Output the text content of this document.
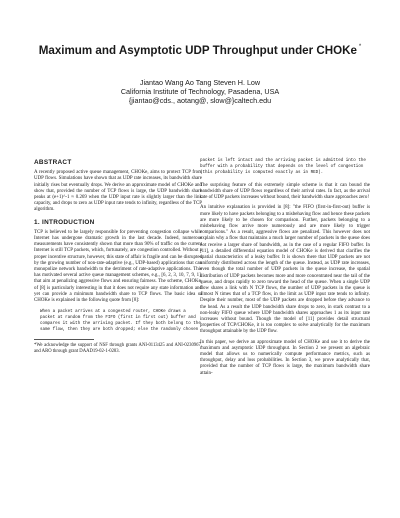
Maximum and Asymptotic UDP Throughput under CHOKe *
Jiantao Wang Ao Tang Steven H. Low
California Institute of Technology, Pasadena, USA
{jiantao@cds., aotang@, slow@}caltech.edu
ABSTRACT

A recently proposed active queue management, CHOKe, aims to protect TCP from UDP flows. Simulations have shown that as UDP rate increases, its bandwidth share initially rises but eventually drops. We derive an approximate model of CHOKe and show that, provided the number of TCP flows is large, the UDP bandwidth share peaks at (e+1)^-1 ≈ 0.269 when the UDP input rate is slightly larger than the link capacity, and drops to zero as UDP input rate tends to infinity, regardless of the TCP algorithm.

1. INTRODUCTION

TCP is believed to be largely responsible for preventing congestion collapse while Internet has undergone dramatic growth in the last decade. Indeed, numerous measurements have consistently shown that more than 90% of traffic on the current Internet is still TCP packets, which, fortunately, are congestion controlled. Without a proper incentive structure, however, this state of affair is fragile and can be disrupted by the growing number of non-rate-adaptive (e.g., UDP-based) applications that can monopolize network bandwidth to the detriment of rate-adaptive applications. This has motivated several active queue management schemes, e.g., [6, 2, 3, 10, 7, 9, 1], that aim at penalizing aggressive flows and ensuring fairness. The scheme, CHOKe, of [8] is particularly interesting in that it does not require any state information and yet can provide a minimum bandwidth share to TCP flows. The basic idea of CHOKe is explained in the following quote from [8]:

When a packet arrives at a congested router, CHOKe draws a packet at random from the FIFO (first in first out) buffer and compares it with the arriving packet. If they both belong to the same flow, then they are both dropped; else the randomly chosen
*We acknowledge the support of NSF through grants ANI-0113425 and ANI-0230967, and ARO through grant DAAD19-02-1-0283.
packet is left intact and the arriving packet is admitted into the buffer with a probability that depends on the level of congestion (this probability is computed exactly as in RED).

The surprising feature of this extremely simple scheme is that it can bound the bandwidth share of UDP flows regardless of their arrival rates. In fact, as the arrival rate of UDP packets increases without bound, their bandwidth share approaches zero!

An intuitive explanation is provided in [8]: "the FIFO (first-in-first-out) buffer is more likely to have packets belonging to a misbehaving flow and hence these packets are more likely to be chosen for comparison. Further, packets belonging to a misbehaving flow arrive more numerously and are more likely to trigger comparisons." As a result, aggressive flows are penalized. This however does not explain why a flow that maintains a much larger number of packets in the queue does not receive a larger share of bandwidth, as in the case of a regular FIFO buffer. In [11], a detailed differential equation model of CHOKe is derived that clarifies the spatial characteristics of a leaky buffer. It is shown there that UDP packets are not uniformly distributed across the length of the queue. Instead, as UDP rate increases, even though the total number of UDP packets in the queue increase, the spatial distribution of UDP packets becomes more and more concentrated near the tail of the queue, and drops rapidly to zero toward the head of the queue. When a single UDP flow shares a link with N TCP flows, the number of UDP packets in the queue is almost N times that of a TCP flow, in the limit as UDP input rate tends to infinity. Despite their number, most of the UDP packets are dropped before they advance to the head. As a result the UDP bandwidth share drops to zero, in stark contrast to a non-leaky FIFO queue where UDP bandwidth shares approaches 1 as its input rate increases without bound. Though the model of [11] provides detail structural properties of TCP/CHOKe, it is too complex to solve analytically for the maximum throughput attainable by the UDP flow.

In this paper, we derive an approximate model of CHOKe and use it to derive the maximum and asymptotic UDP throughput. In Section 2 we present an algebraic model that allows us to numerically compute performance metrics, such as throughput, delay and loss probabilities. In Section 3, we prove analytically that, provided that the number of TCP flows is large, the maximum bandwidth share attain-
